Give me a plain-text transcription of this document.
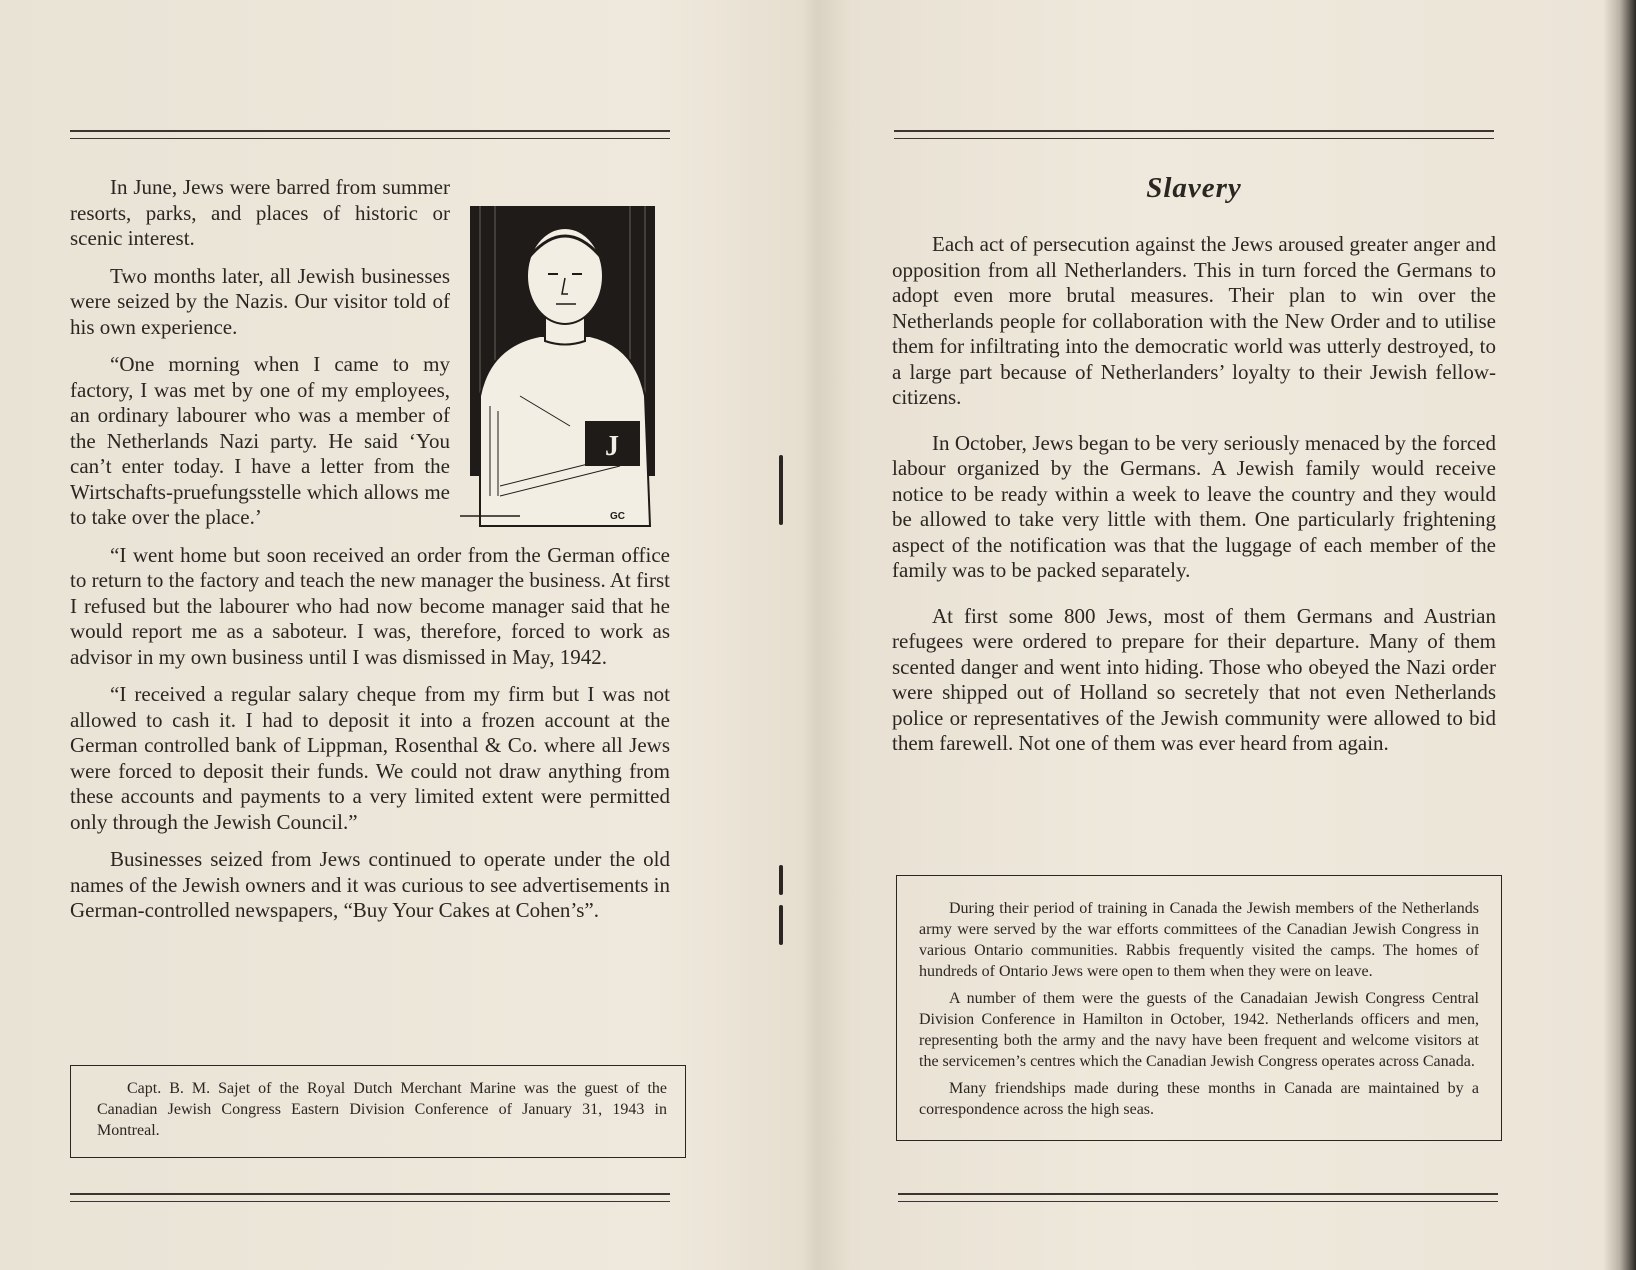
In June, Jews were barred from summer resorts, parks, and places of historic or scenic interest.

Two months later, all Jewish businesses were seized by the Nazis. Our visitor told of his own experience.

“One morning when I came to my factory, I was met by one of my employees, an ordinary labourer who was a member of the Netherlands Nazi party. He said ‘You can’t enter today. I have a letter from the Wirtschafts-pruefungsstelle which allows me to take over the place.’

“I went home but soon received an order from the German office to return to the factory and teach the new manager the business. At first I refused but the labourer who had now become manager said that he would report me as a saboteur. I was, therefore, forced to work as advisor in my own business until I was dismissed in May, 1942.

“I received a regular salary cheque from my firm but I was not allowed to cash it. I had to deposit it into a frozen account at the German controlled bank of Lippman, Rosenthal & Co. where all Jews were forced to deposit their funds. We could not draw anything from these accounts and payments to a very limited extent were permitted only through the Jewish Council.”

Businesses seized from Jews continued to operate under the old names of the Jewish owners and it was curious to see advertisements in German-controlled newspapers, “Buy Your Cakes at Cohen’s”.

J
GC

Capt. B. M. Sajet of the Royal Dutch Merchant Marine was the guest of the Canadian Jewish Congress Eastern Division Conference of January 31, 1943 in Montreal.

Slavery

Each act of persecution against the Jews aroused greater anger and opposition from all Netherlanders. This in turn forced the Germans to adopt even more brutal measures. Their plan to win over the Netherlands people for collaboration with the New Order and to utilise them for infiltrating into the democratic world was utterly destroyed, to a large part because of Netherlanders’ loyalty to their Jewish fellow-citizens.

In October, Jews began to be very seriously menaced by the forced labour organized by the Germans. A Jewish family would receive notice to be ready within a week to leave the country and they would be allowed to take very little with them. One particularly frightening aspect of the notification was that the luggage of each member of the family was to be packed separately.

At first some 800 Jews, most of them Germans and Austrian refugees were ordered to prepare for their departure. Many of them scented danger and went into hiding. Those who obeyed the Nazi order were shipped out of Holland so secretely that not even Netherlands police or representatives of the Jewish community were allowed to bid them farewell. Not one of them was ever heard from again.

During their period of training in Canada the Jewish members of the Netherlands army were served by the war efforts committees of the Canadian Jewish Congress in various Ontario communities. Rabbis frequently visited the camps. The homes of hundreds of Ontario Jews were open to them when they were on leave.

A number of them were the guests of the Canadaian Jewish Congress Central Division Conference in Hamilton in October, 1942. Netherlands officers and men, representing both the army and the navy have been frequent and welcome visitors at the servicemen’s centres which the Canadian Jewish Congress operates across Canada.

Many friendships made during these months in Canada are maintained by a correspondence across the high seas.
